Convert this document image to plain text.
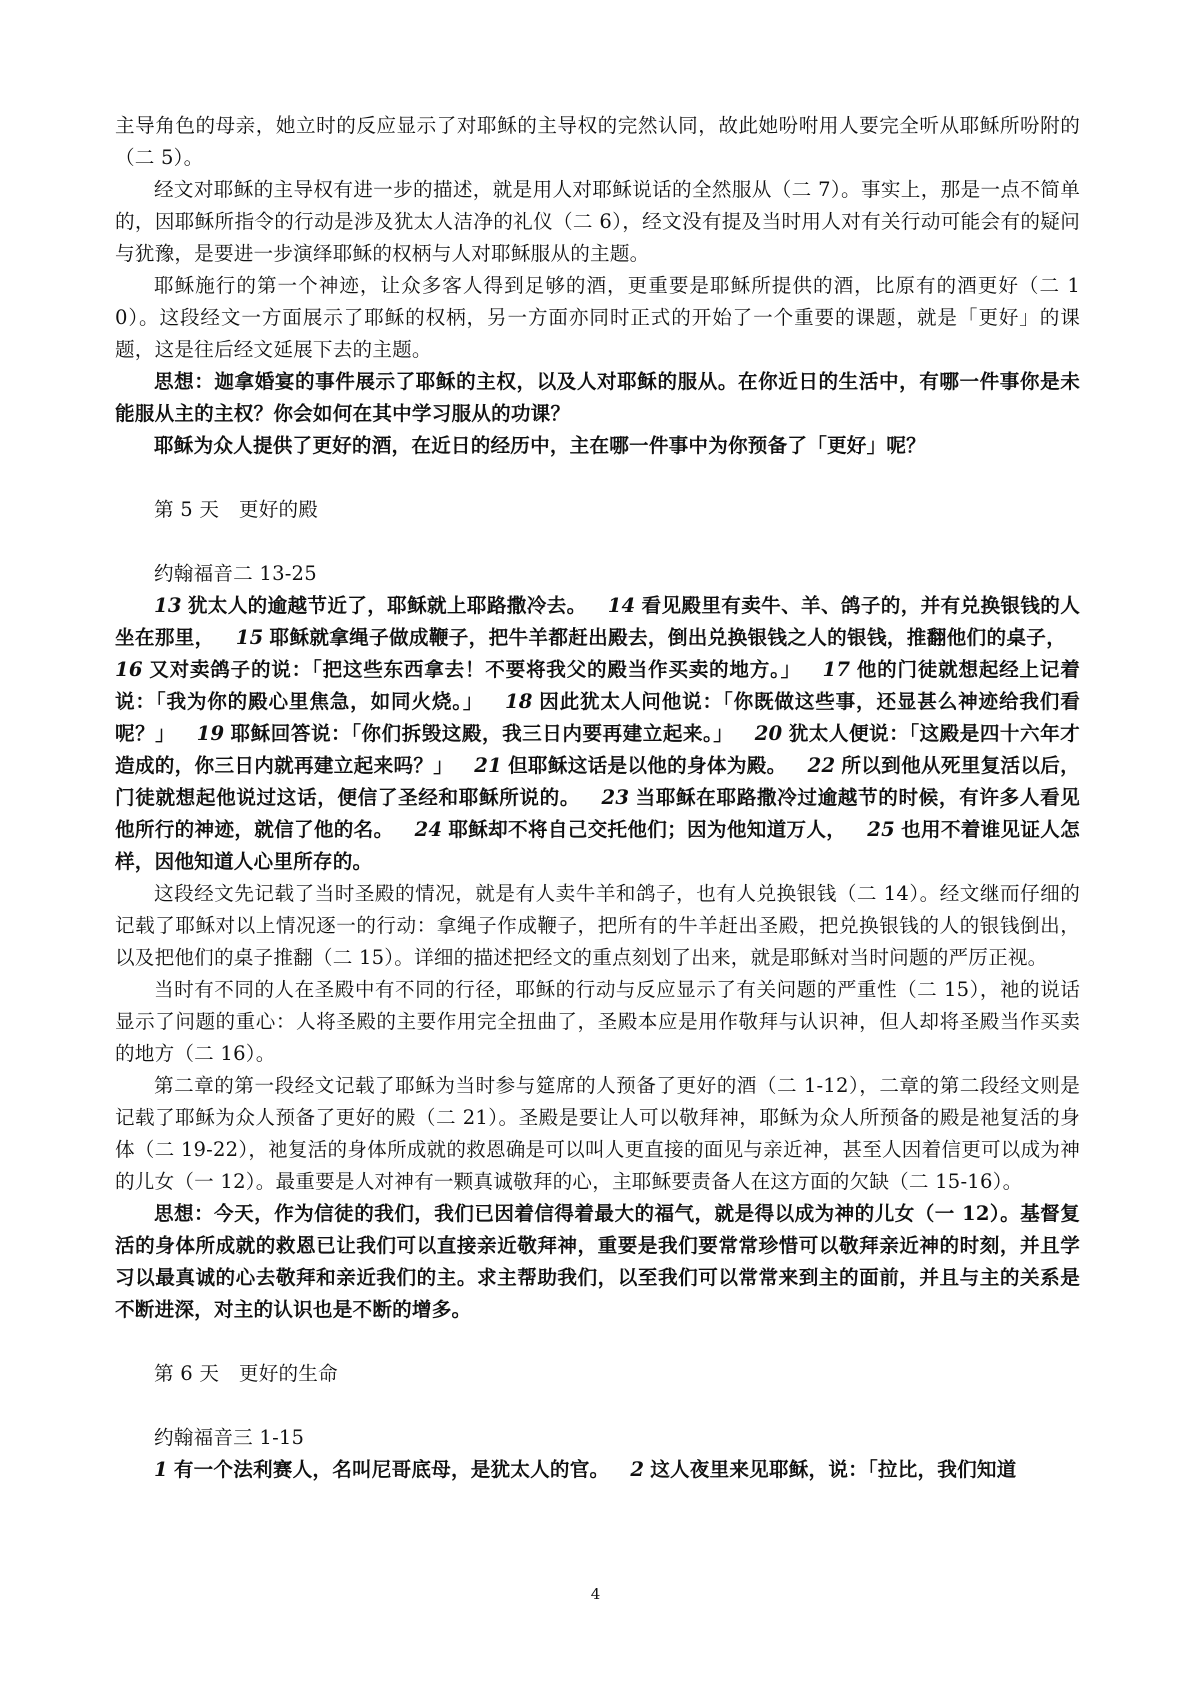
主导角色的母亲，她立时的反应显示了对耶稣的主导权的完然认同，故此她吩咐用人要完全听从耶稣所吩附的（二 5）。

经文对耶稣的主导权有进一步的描述，就是用人对耶稣说话的全然服从（二 7）。事实上，那是一点不简单的，因耶稣所指令的行动是涉及犹太人洁净的礼仪（二 6），经文没有提及当时用人对有关行动可能会有的疑问与犹豫，是要进一步演绎耶稣的权柄与人对耶稣服从的主题。

耶稣施行的第一个神迹，让众多客人得到足够的酒，更重要是耶稣所提供的酒，比原有的酒更好（二 10）。这段经文一方面展示了耶稣的权柄，另一方面亦同时正式的开始了一个重要的课题，就是「更好」的课题，这是往后经文延展下去的主题。

思想：迦拿婚宴的事件展示了耶稣的主权，以及人对耶稣的服从。在你近日的生活中，有哪一件事你是未能服从主的主权？你会如何在其中学习服从的功课？

耶稣为众人提供了更好的酒，在近日的经历中，主在哪一件事中为你预备了「更好」呢？

第 5 天　更好的殿

约翰福音二 13-25

13 犹太人的逾越节近了，耶稣就上耶路撒冷去。 14 看见殿里有卖牛、羊、鸽子的，并有兑换银钱的人坐在那里， 15 耶稣就拿绳子做成鞭子，把牛羊都赶出殿去，倒出兑换银钱之人的银钱，推翻他们的桌子， 16 又对卖鸽子的说：「把这些东西拿去！不要将我父的殿当作买卖的地方。」 17 他的门徒就想起经上记着说：「我为你的殿心里焦急，如同火烧。」 18 因此犹太人问他说：「你既做这些事，还显甚么神迹给我们看呢？」 19 耶稣回答说：「你们拆毁这殿，我三日内要再建立起来。」 20 犹太人便说：「这殿是四十六年才造成的，你三日内就再建立起来吗？」 21 但耶稣这话是以他的身体为殿。 22 所以到他从死里复活以后，门徒就想起他说过这话，便信了圣经和耶稣所说的。 23 当耶稣在耶路撒冷过逾越节的时候，有许多人看见他所行的神迹，就信了他的名。 24 耶稣却不将自己交托他们；因为他知道万人， 25 也用不着谁见证人怎样，因他知道人心里所存的。

这段经文先记载了当时圣殿的情况，就是有人卖牛羊和鸽子，也有人兑换银钱（二 14）。经文继而仔细的记载了耶稣对以上情况逐一的行动：拿绳子作成鞭子，把所有的牛羊赶出圣殿，把兑换银钱的人的银钱倒出，以及把他们的桌子推翻（二 15）。详细的描述把经文的重点刻划了出来，就是耶稣对当时问题的严厉正视。

当时有不同的人在圣殿中有不同的行径，耶稣的行动与反应显示了有关问题的严重性（二 15），祂的说话显示了问题的重心：人将圣殿的主要作用完全扭曲了，圣殿本应是用作敬拜与认识神，但人却将圣殿当作买卖的地方（二 16）。

第二章的第一段经文记载了耶稣为当时参与筵席的人预备了更好的酒（二 1-12），二章的第二段经文则是记载了耶稣为众人预备了更好的殿（二 21）。圣殿是要让人可以敬拜神，耶稣为众人所预备的殿是祂复活的身体（二 19-22），祂复活的身体所成就的救恩确是可以叫人更直接的面见与亲近神，甚至人因着信更可以成为神的儿女（一 12）。最重要是人对神有一颗真诚敬拜的心，主耶稣要责备人在这方面的欠缺（二 15-16）。

思想：今天，作为信徒的我们，我们已因着信得着最大的福气，就是得以成为神的儿女（一 12）。基督复活的身体所成就的救恩已让我们可以直接亲近敬拜神，重要是我们要常常珍惜可以敬拜亲近神的时刻，并且学习以最真诚的心去敬拜和亲近我们的主。求主帮助我们，以至我们可以常常来到主的面前，并且与主的关系是不断进深，对主的认识也是不断的增多。

第 6 天　更好的生命

约翰福音三 1-15

1 有一个法利赛人，名叫尼哥底母，是犹太人的官。 2 这人夜里来见耶稣，说：「拉比，我们知道

4
